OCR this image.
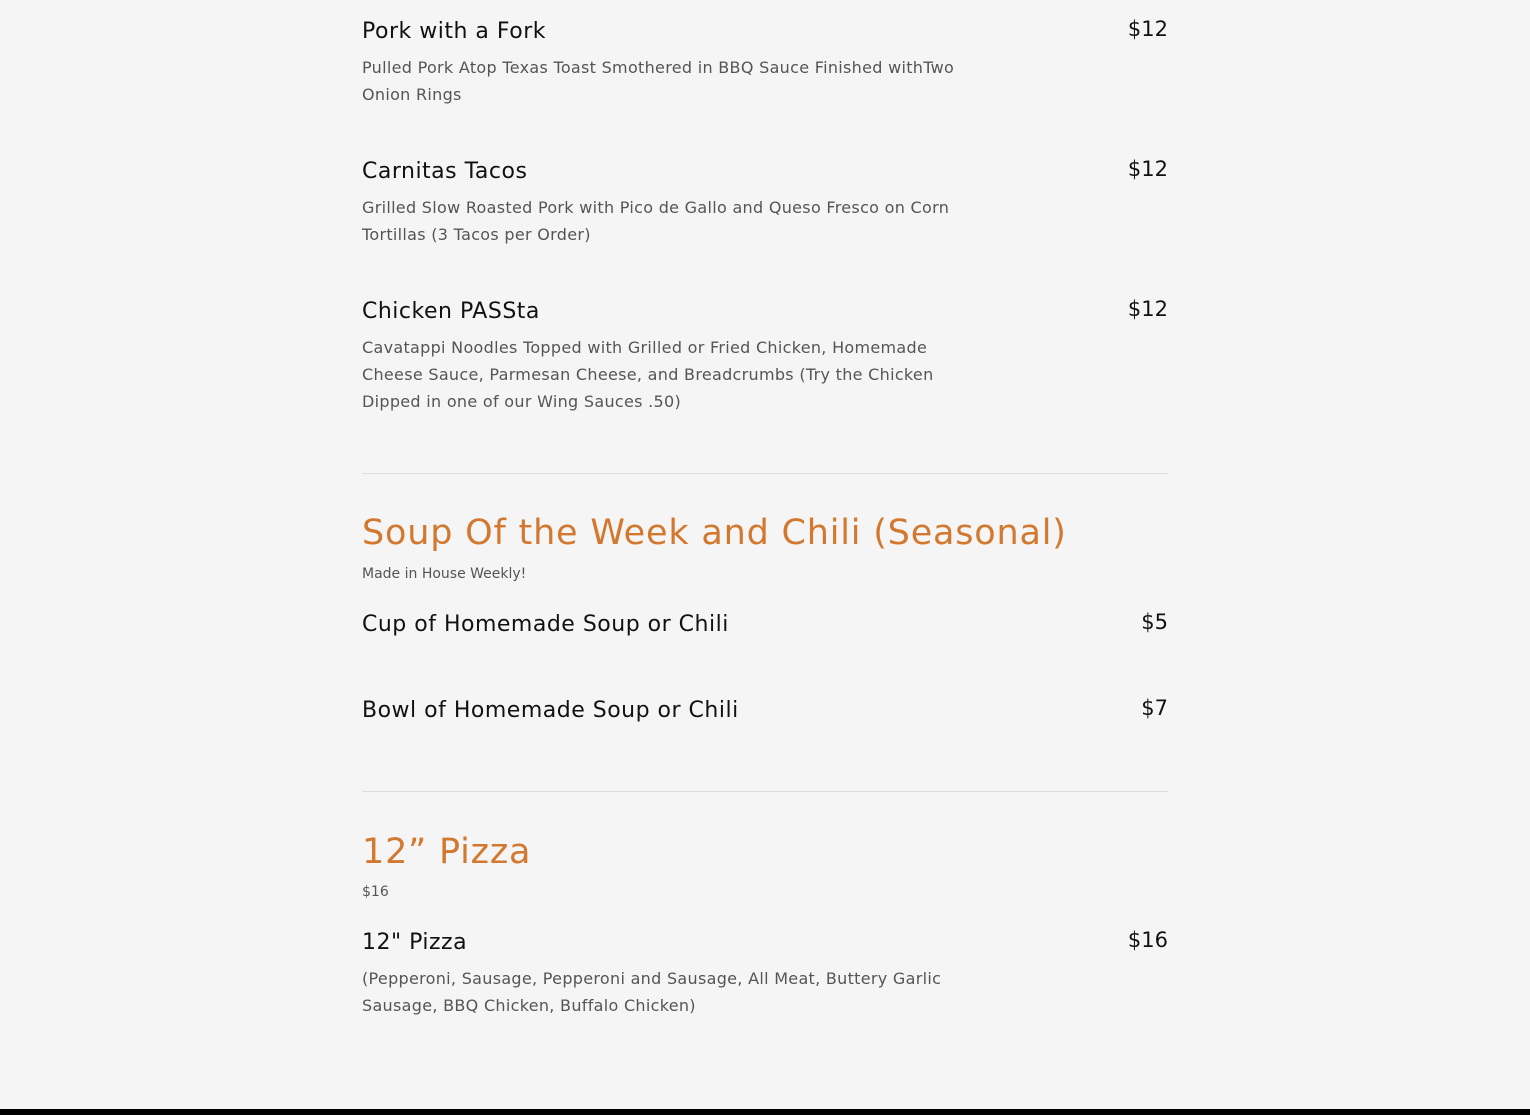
Pork with a Fork	$12
Pulled Pork Atop Texas Toast Smothered in BBQ Sauce Finished withTwo Onion Rings
Carnitas Tacos	$12
Grilled Slow Roasted Pork with Pico de Gallo and Queso Fresco on Corn Tortillas (3 Tacos per Order)
Chicken PASSta	$12
Cavatappi Noodles Topped with Grilled or Fried Chicken, Homemade Cheese Sauce, Parmesan Cheese, and Breadcrumbs (Try the Chicken Dipped in one of our Wing Sauces .50)
Soup Of the Week and Chili (Seasonal)
Made in House Weekly!
Cup of Homemade Soup or Chili	$5
Bowl of Homemade Soup or Chili	$7
12” Pizza
$16
12" Pizza	$16
(Pepperoni, Sausage, Pepperoni and Sausage, All Meat, Buttery Garlic Sausage, BBQ Chicken, Buffalo Chicken)
